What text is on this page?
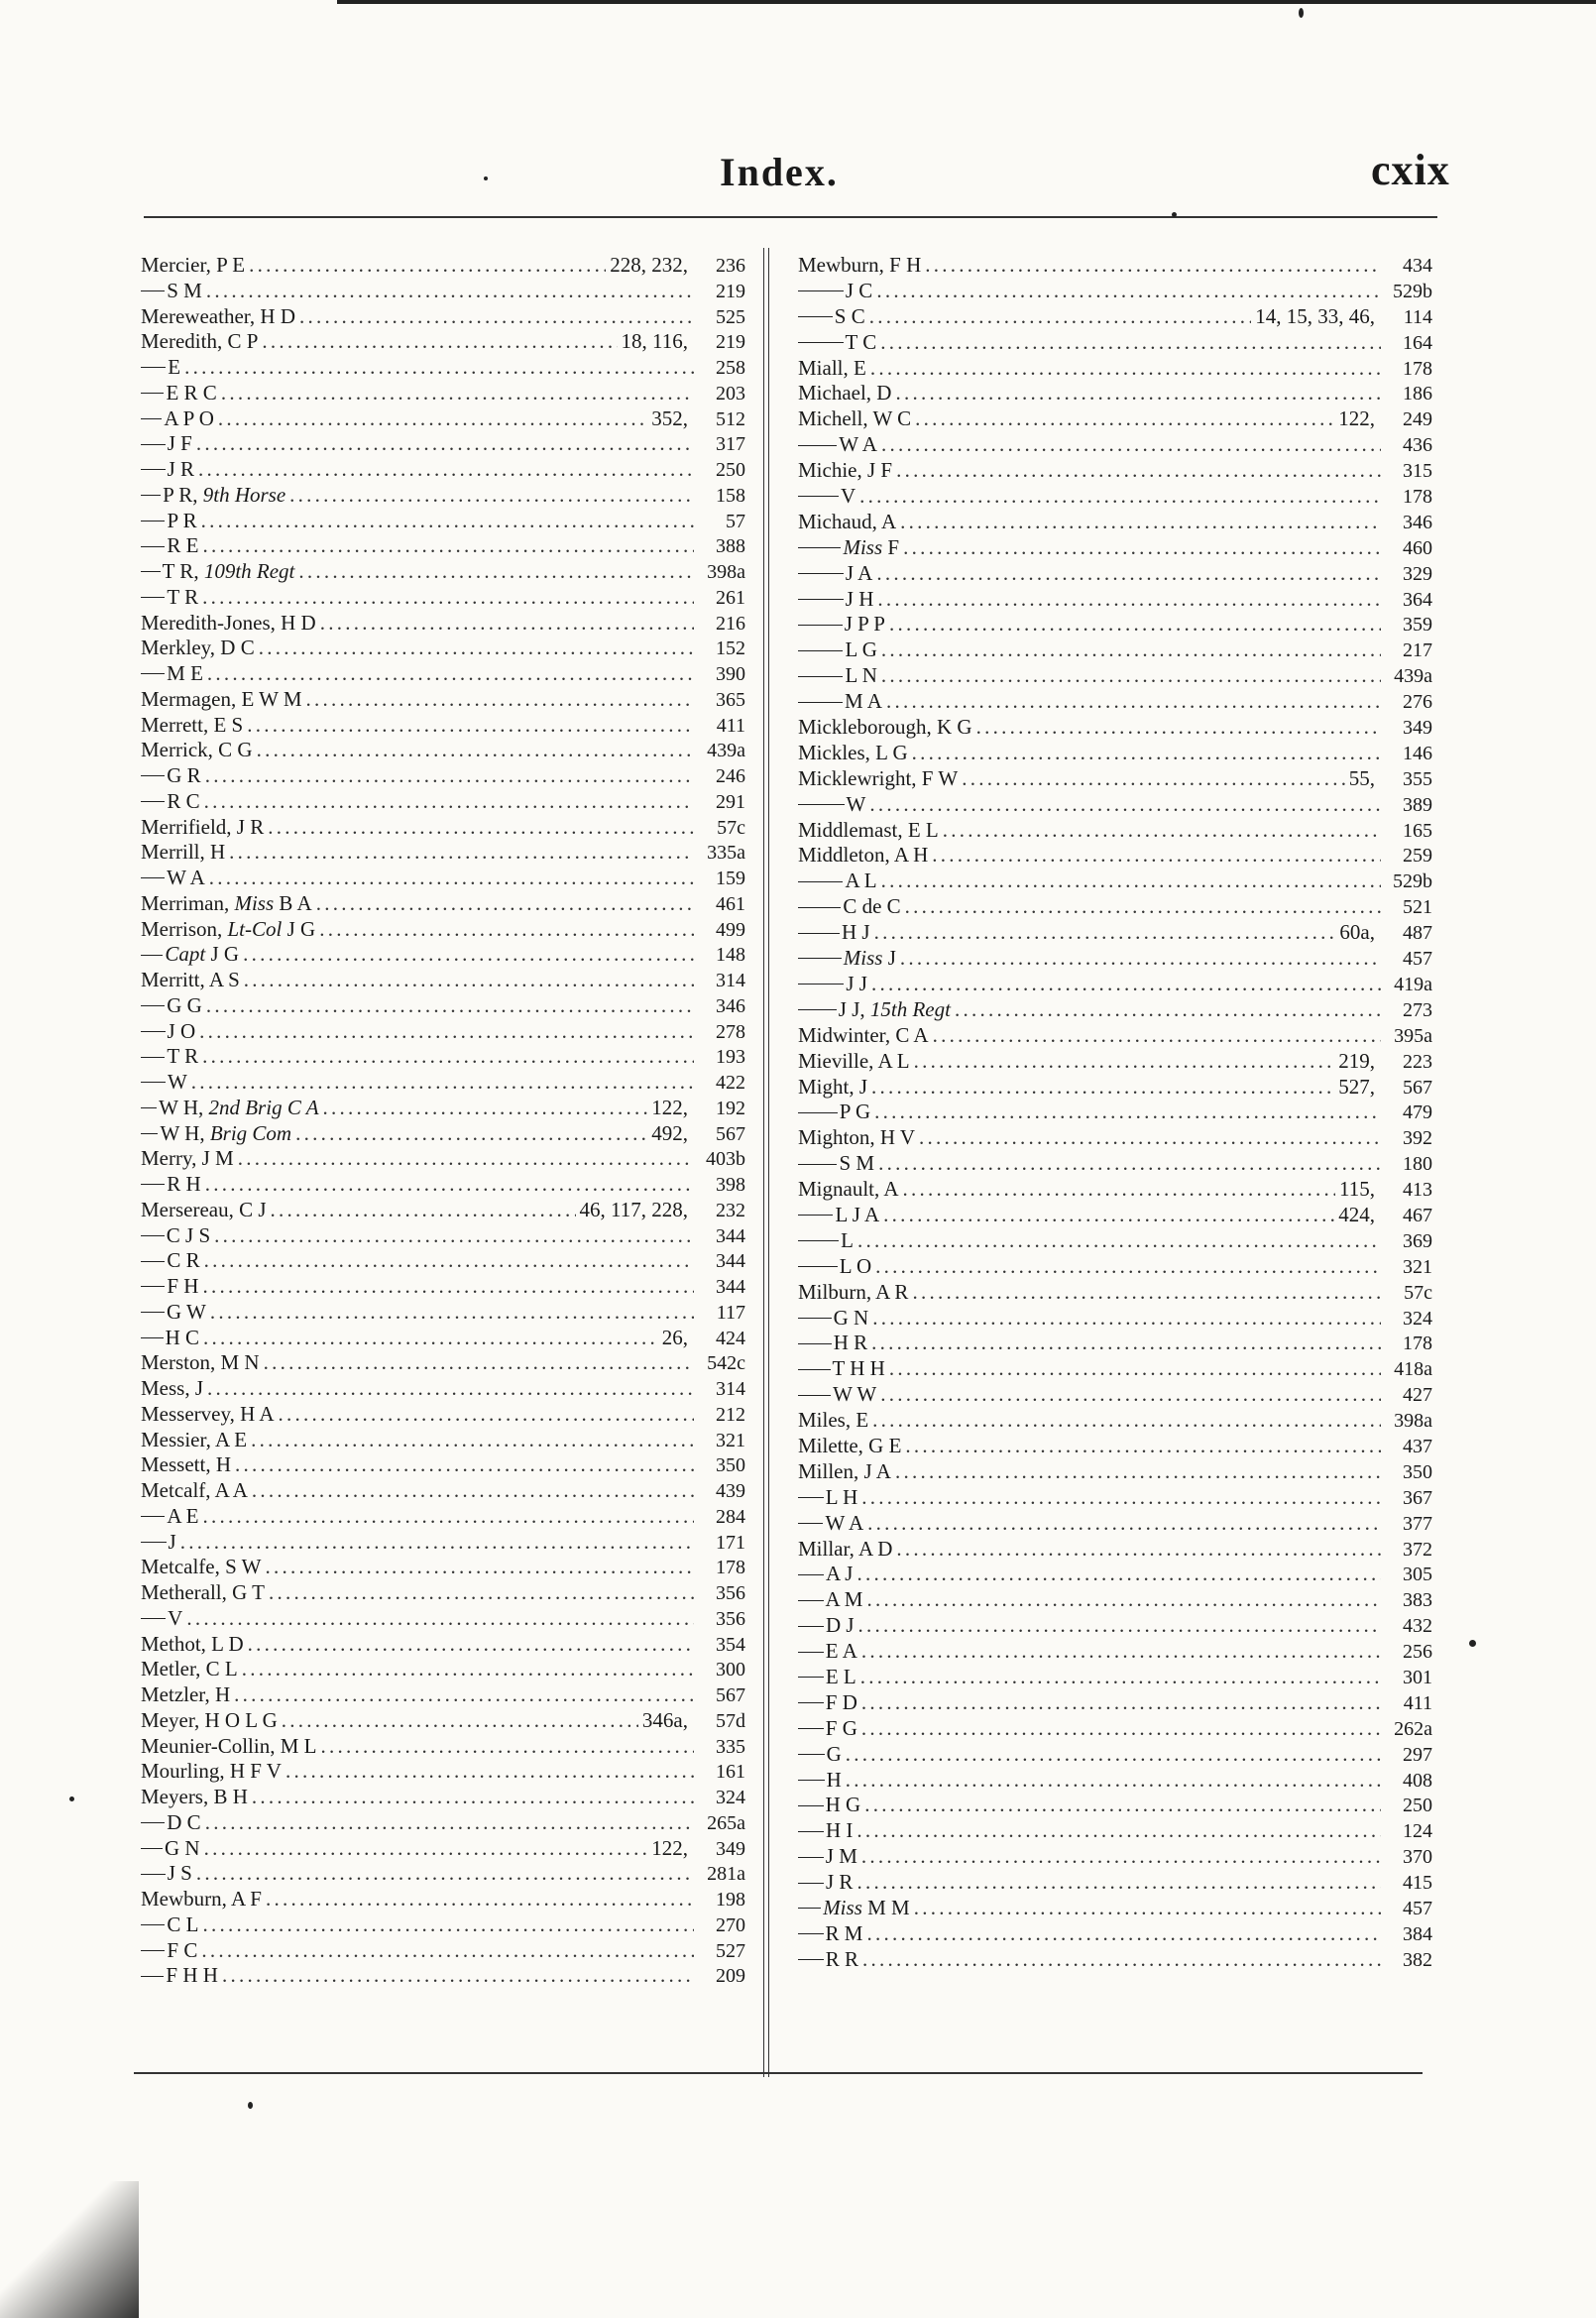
Index.	cxix
Mercier, P E . . .	228, 232,	236
S M . . .	219
Mereweather, H D . . .	525
Meredith, C P . . .	18, 116,	219
E . . .	258
E R C . . .	203
A P O . . .	352,	512
J F . . .	317
J R . . .	250
P R, 9th Horse . . .	158
P R . . .	57
R E . . .	388
T R, 109th Regt . . .	398a
T R . . .	261
Meredith-Jones, H D . . .	216
Merkley, D C . . .	152
M E . . .	390
Mermagen, E W M . . .	365
Merrett, E S . . .	411
Merrick, C G . . .	439a
G R . . .	246
R C . . .	291
Merrifield, J R . . .	57c
Merrill, H . . .	335a
W A . . .	159
Merriman, Miss B A . . .	461
Merrison, Lt-Col J G . . .	499
Capt J G . . .	148
Merritt, A S . . .	314
G G . . .	346
J O . . .	278
T R . . .	193
W . . .	422
W H, 2nd Brig C A . . .	122,	192
W H, Brig Com . . .	492,	567
Merry, J M . . .	403b
R H . . .	398
Mersereau, C J . . .	46, 117, 228,	232
C J S . . .	344
C R . . .	344
F H . . .	344
G W . . .	117
H C . . .	26,	424
Merston, M N . . .	542c
Mess, J . . .	314
Messervey, H A . . .	212
Messier, A E . . .	321
Messett, H . . .	350
Metcalf, A A . . .	439
A E . . .	284
J . . .	171
Metcalfe, S W . . .	178
Metherall, G T . . .	356
V . . .	356
Methot, L D . . .	354
Metler, C L . . .	300
Metzler, H . . .	567
Meyer, H O L G . . .	346a,	57d
Meunier-Collin, M L . . .	335
Mourling, H F V . . .	161
Meyers, B H . . .	324
D C . . .	265a
G N . . .	122,	349
J S . . .	281a
Mewburn, A F . . .	198
C L . . .	270
F C . . .	527
F H H . . .	209
Mewburn, F H . . .	434
J C . . .	529b
S C . . .	14, 15, 33, 46,	114
T C . . .	164
Miall, E . . .	178
Michael, D . . .	186
Michell, W C . . .	122,	249
W A . . .	436
Michie, J F . . .	315
V . . .	178
Michaud, A . . .	346
Miss F . . .	460
J A . . .	329
J H . . .	364
J P P . . .	359
L G . . .	217
L N . . .	439a
M A . . .	276
Mickleborough, K G . . .	349
Mickles, L G . . .	146
Micklewright, F W . . .	55,	355
W . . .	389
Middlemast, E L . . .	165
Middleton, A H . . .	259
A L . . .	529b
C de C . . .	521
H J . . .	60a,	487
Miss J . . .	457
J J . . .	419a
J J, 15th Regt . . .	273
Midwinter, C A . . .	395a
Mieville, A L . . .	219,	223
Might, J . . .	527,	567
P G . . .	479
Mighton, H V . . .	392
S M . . .	180
Mignault, A . . .	115,	413
L J A . . .	424,	467
L . . .	369
L O . . .	321
Milburn, A R . . .	57c
G N . . .	324
H R . . .	178
T H H . . .	418a
W W . . .	427
Miles, E . . .	398a
Milette, G E . . .	437
Millen, J A . . .	350
L H . . .	367
W A . . .	377
Millar, A D . . .	372
A J . . .	305
A M . . .	383
D J . . .	432
E A . . .	256
E L . . .	301
F D . . .	411
F G . . .	262a
G . . .	297
H . . .	408
H G . . .	250
H I . . .	124
J M . . .	370
J R . . .	415
Miss M M . . .	457
R M . . .	384
R R . . .	382
